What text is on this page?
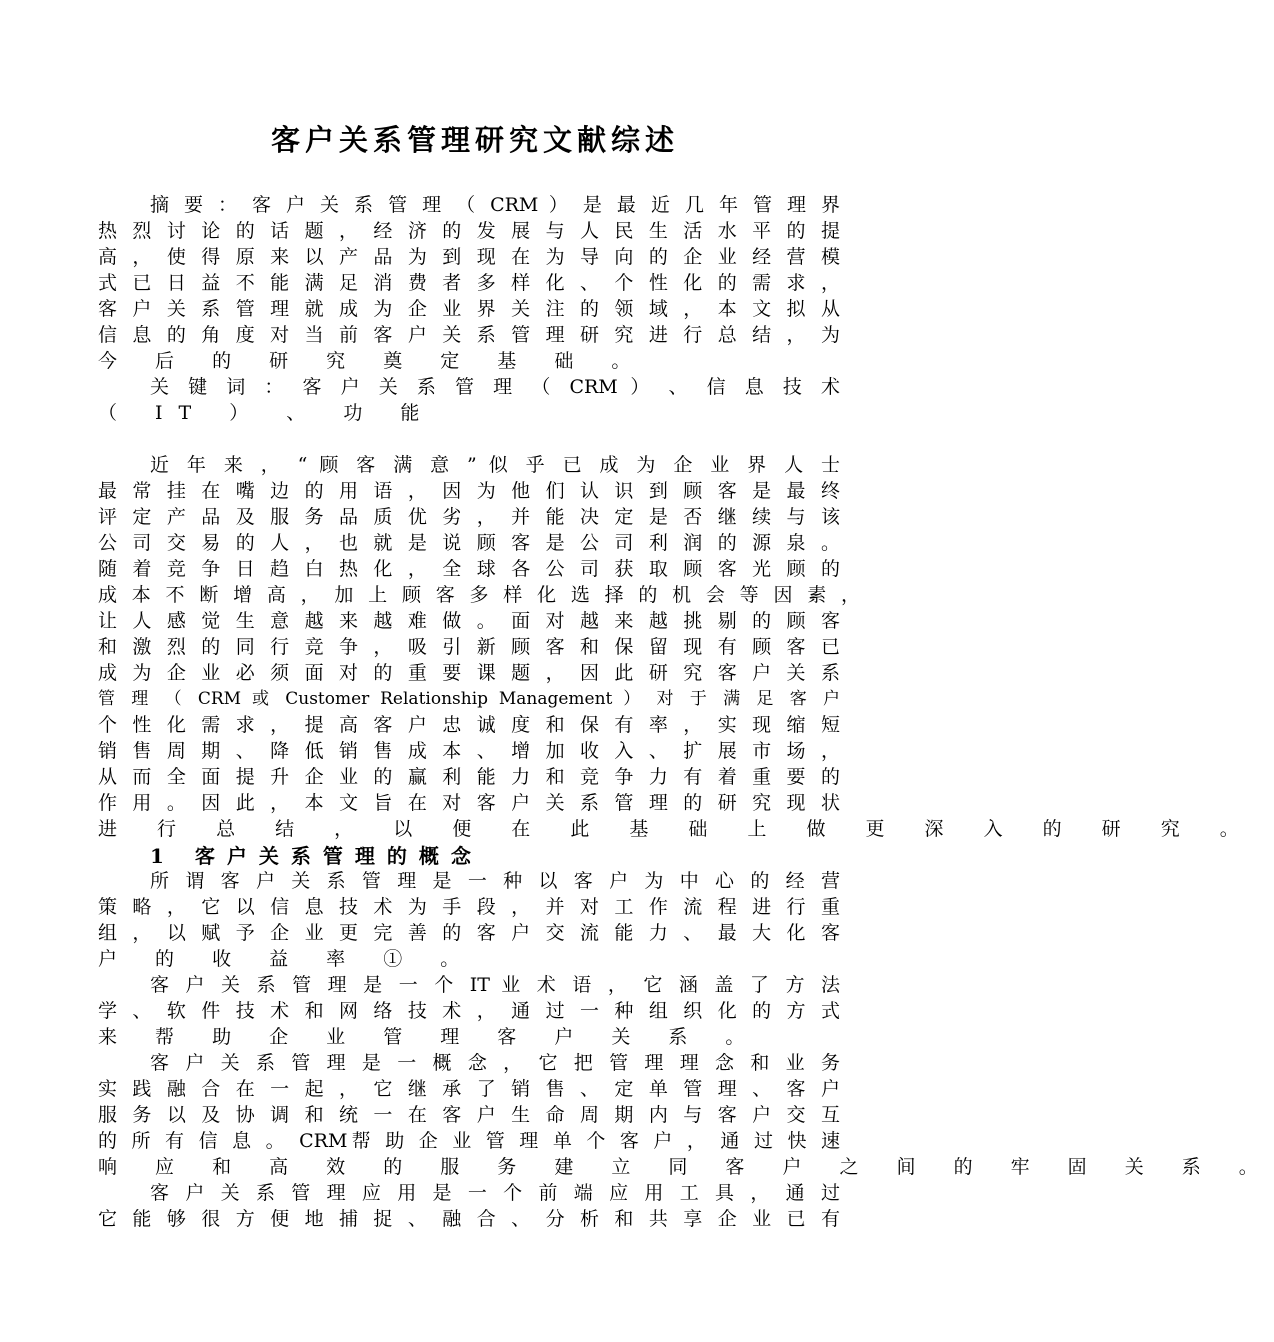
客户关系管理研究文献综述

摘 要 ： 客 户 关 系 管 理 （ CRM ） 是 最 近 几 年 管 理 界

热 烈 讨 论 的 话 题 ， 经 济 的 发 展 与 人 民 生 活 水 平 的 提

高 ， 使 得 原 来 以 产 品 为 到 现 在 为 导 向 的 企 业 经 营 模

式 已 日 益 不 能 满 足 消 费 者 多 样 化 、 个 性 化 的 需 求 ，

客 户 关 系 管 理 就 成 为 企 业 界 关 注 的 领 域 ， 本 文 拟 从

信 息 的 角 度 对 当 前 客 户 关 系 管 理 研 究 进 行 总 结 ， 为

今 后 的 研 究 奠 定 基 础 。

关 键 词 ： 客 户 关 系 管 理 （ CRM ） 、 信 息 技 术

（ IT ） 、 功 能

近 年 来 ， “ 顾 客 满 意 ” 似 乎 已 成 为 企 业 界 人 士

最 常 挂 在 嘴 边 的 用 语 ， 因 为 他 们 认 识 到 顾 客 是 最 终

评 定 产 品 及 服 务 品 质 优 劣 ， 并 能 决 定 是 否 继 续 与 该

公 司 交 易 的 人 ， 也 就 是 说 顾 客 是 公 司 利 润 的 源 泉 。

随 着 竞 争 日 趋 白 热 化 ， 全 球 各 公 司 获 取 顾 客 光 顾 的

成 本 不 断 增 高 ， 加 上 顾 客 多 样 化 选 择 的 机 会 等 因 素 ，

让 人 感 觉 生 意 越 来 越 难 做 。 面 对 越 来 越 挑 剔 的 顾 客

和 激 烈 的 同 行 竞 争 ， 吸 引 新 顾 客 和 保 留 现 有 顾 客 已

成 为 企 业 必 须 面 对 的 重 要 课 题 ， 因 此 研 究 客 户 关 系

管 理 （ CRM 或 Customer Relationship Management ） 对 于 满 足 客 户

个 性 化 需 求 ， 提 高 客 户 忠 诚 度 和 保 有 率 ， 实 现 缩 短

销 售 周 期 、 降 低 销 售 成 本 、 增 加 收 入 、 扩 展 市 场 ，

从 而 全 面 提 升 企 业 的 赢 利 能 力 和 竞 争 力 有 着 重 要 的

作 用 。 因 此 ， 本 文 旨 在 对 客 户 关 系 管 理 的 研 究 现 状

进 行 总 结 ， 以 便 在 此 基 础 上 做 更 深 入 的 研 究 。

1 客户关系管理的概念

所 谓 客 户 关 系 管 理 是 一 种 以 客 户 为 中 心 的 经 营

策 略 ， 它 以 信 息 技 术 为 手 段 ， 并 对 工 作 流 程 进 行 重

组 ， 以 赋 予 企 业 更 完 善 的 客 户 交 流 能 力 、 最 大 化 客

户 的 收 益 率 ① 。

客 户 关 系 管 理 是 一 个 IT 业 术 语 ， 它 涵 盖 了 方 法

学 、 软 件 技 术 和 网 络 技 术 ， 通 过 一 种 组 织 化 的 方 式

来 帮 助 企 业 管 理 客 户 关 系 。

客 户 关 系 管 理 是 一 概 念 ， 它 把 管 理 理 念 和 业 务

实 践 融 合 在 一 起 ， 它 继 承 了 销 售 、 定 单 管 理 、 客 户

服 务 以 及 协 调 和 统 一 在 客 户 生 命 周 期 内 与 客 户 交 互

的 所 有 信 息 。 CRM帮 助 企 业 管 理 单 个 客 户 ， 通 过 快 速

响 应 和 高 效 的 服 务 建 立 同 客 户 之 间 的 牢 固 关 系 。

客 户 关 系 管 理 应 用 是 一 个 前 端 应 用 工 具 ， 通 过

它 能 够 很 方 便 地 捕 捉 、 融 合 、 分 析 和 共 享 企 业 已 有
